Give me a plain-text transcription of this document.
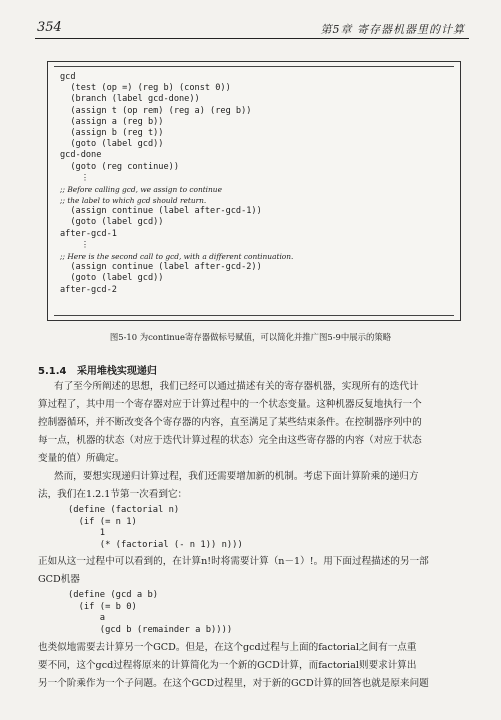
354	第5章 寄存器机器里的计算
gcd
(test (op =) (reg b) (const 0))
(branch (label gcd-done))
(assign t (op rem) (reg a) (reg b))
(assign a (reg b))
(assign b (reg t))
(goto (label gcd))
gcd-done
(goto (reg continue))
⋮
;; Before calling gcd, we assign to continue
;; the label to which gcd should return.
(assign continue (label after-gcd-1))
(goto (label gcd))
after-gcd-1
⋮
;; Here is the second call to gcd, with a different continuation.
(assign continue (label after-gcd-2))
(goto (label gcd))
after-gcd-2
图5-10 为continue寄存器做标号赋值，可以简化并推广图5-9中展示的策略
5.1.4 采用堆栈实现递归
有了至今所阐述的思想，我们已经可以通过描述有关的寄存器机器，实现所有的迭代计
算过程了，其中用一个寄存器对应于计算过程中的一个状态变量。这种机器反复地执行一个
控制器循环，并不断改变各个寄存器的内容，直至满足了某些结束条件。在控制器序列中的
每一点，机器的状态（对应于迭代计算过程的状态）完全由这些寄存器的内容（对应于状态
变量的值）所确定。
然而，要想实现递归计算过程，我们还需要增加新的机制。考虑下面计算阶乘的递归方
法，我们在1.2.1节第一次看到它：
(define (factorial n)
(if (= n 1)
1
(* (factorial (- n 1)) n)))
正如从这一过程中可以看到的，在计算n!时将需要计算（n－1）!。用下面过程描述的另一部
GCD机器
(define (gcd a b)
(if (= b 0)
a
(gcd b (remainder a b))))
也类似地需要去计算另一个GCD。但是，在这个gcd过程与上面的factorial之间有一点重
要不同，这个gcd过程将原来的计算简化为一个新的GCD计算，而factorial则要求计算出
另一个阶乘作为一个子问题。在这个GCD过程里，对于新的GCD计算的回答也就是原来问题
